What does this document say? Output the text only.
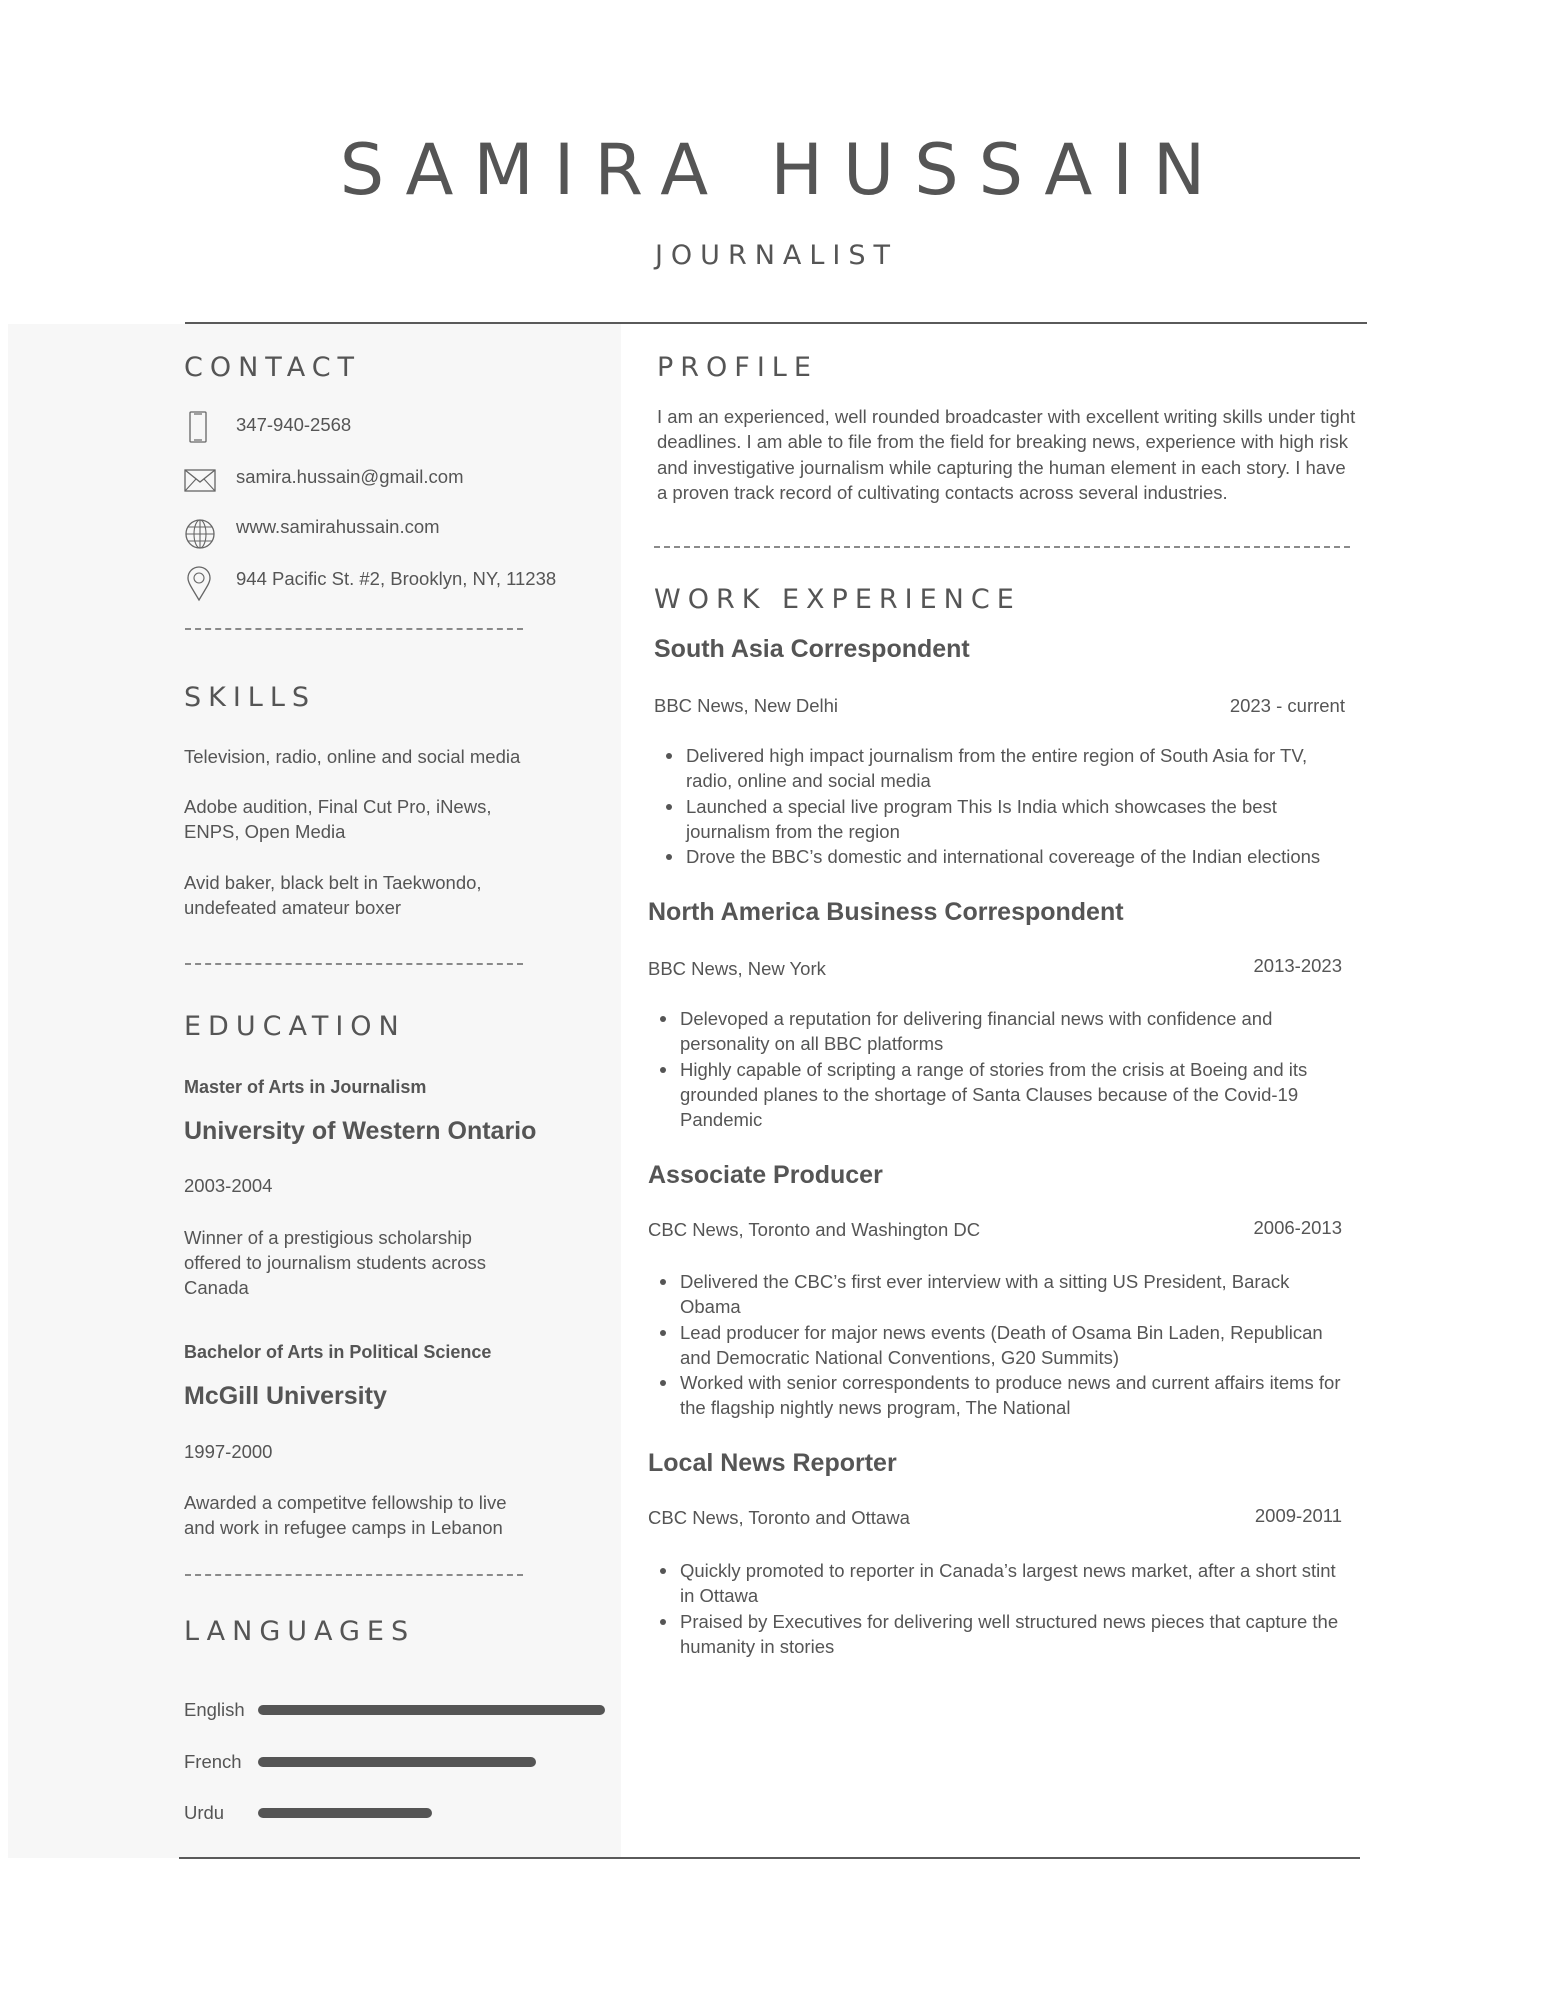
SAMIRA HUSSAIN
JOURNALIST
CONTACT
347-940-2568
samira.hussain@gmail.com
www.samirahussain.com
944 Pacific St. #2, Brooklyn, NY, 11238
SKILLS
Television, radio, online and social media
Adobe audition, Final Cut Pro, iNews, ENPS, Open Media
Avid baker, black belt in Taekwondo, undefeated amateur boxer
EDUCATION
Master of Arts in Journalism
University of Western Ontario
2003-2004
Winner of a prestigious scholarship offered to journalism students across Canada
Bachelor of Arts in Political Science
McGill University
1997-2000
Awarded a competitve fellowship to live and work in refugee camps in Lebanon
LANGUAGES
English
French
Urdu
PROFILE
I am an experienced, well rounded broadcaster with excellent writing skills under tight deadlines. I am able to file from the field for breaking news, experience with high risk and investigative journalism while capturing the human element in each story. I have a proven track record of cultivating contacts across several industries.
WORK EXPERIENCE
South Asia Correspondent
BBC News, New Delhi	2023 - current
Delivered high impact journalism from the entire region of South Asia for TV, radio, online and social media
Launched a special live program This Is India which showcases the best journalism from the region
Drove the BBC’s domestic and international covereage of the Indian elections
North America Business Correspondent
BBC News, New York	2013-2023
Delevoped a reputation for delivering financial news with confidence and personality on all BBC platforms
Highly capable of scripting a range of stories from the crisis at Boeing and its grounded planes to the shortage of Santa Clauses because of the Covid-19 Pandemic
Associate Producer
CBC News, Toronto and Washington DC	2006-2013
Delivered the CBC’s first ever interview with a sitting US President, Barack Obama
Lead producer for major news events (Death of Osama Bin Laden, Republican and Democratic National Conventions, G20 Summits)
Worked with senior correspondents to produce news and current affairs items for the flagship nightly news program, The National
Local News Reporter
CBC News, Toronto and Ottawa	2009-2011
Quickly promoted to reporter in Canada’s largest news market, after a short stint in Ottawa
Praised by Executives for delivering well structured news pieces that capture the humanity in stories
